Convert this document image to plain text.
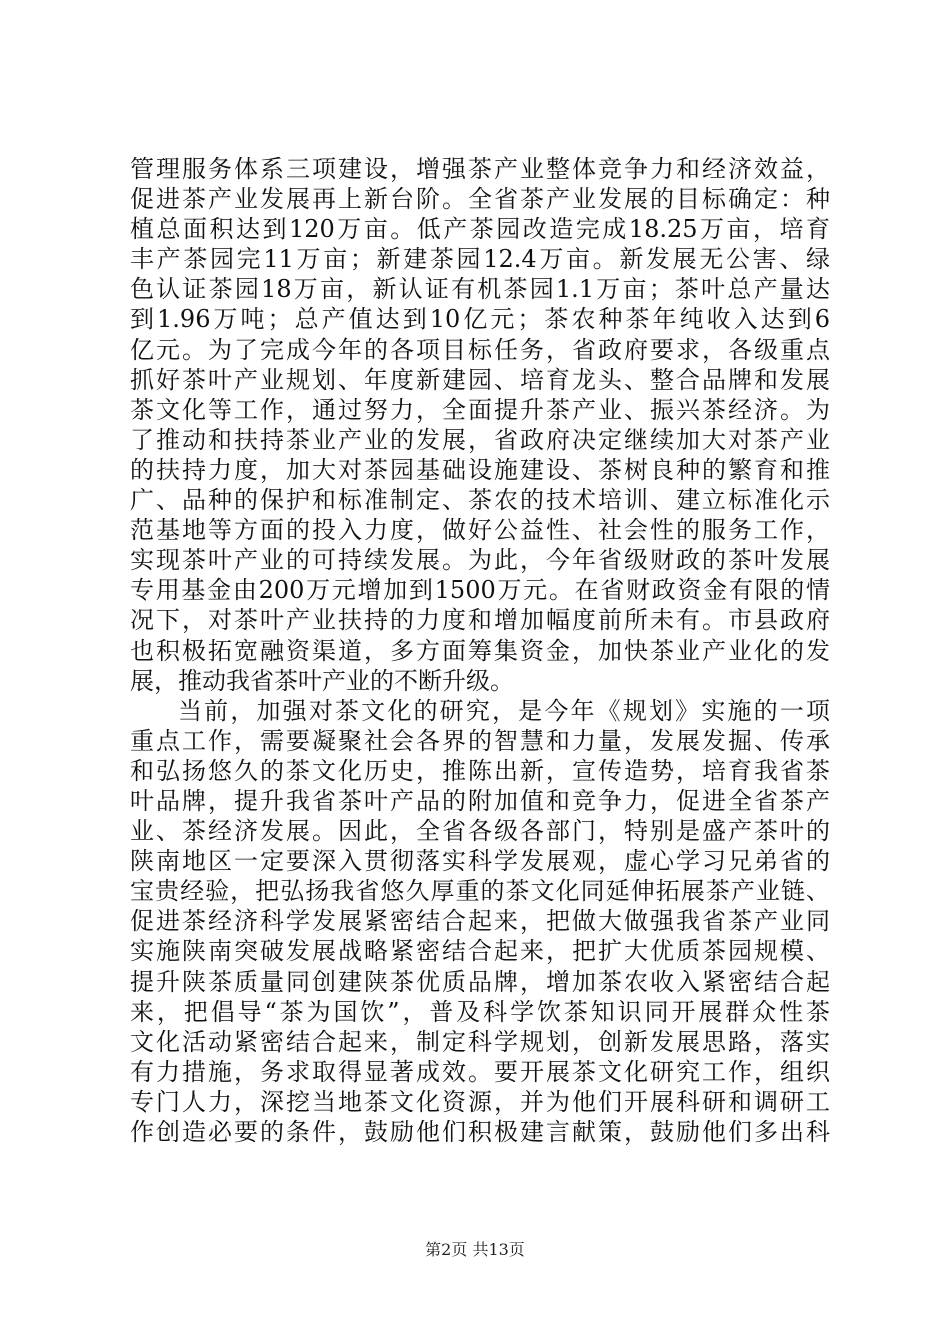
管理服务体系三项建设，增强茶产业整体竞争力和经济效益，
促进茶产业发展再上新台阶。全省茶产业发展的目标确定：种
植总面积达到120万亩。低产茶园改造完成18.25万亩，培育
丰产茶园完11万亩；新建茶园12.4万亩。新发展无公害、绿
色认证茶园18万亩，新认证有机茶园1.1万亩；茶叶总产量达
到1.96万吨；总产值达到10亿元；茶农种茶年纯收入达到6
亿元。为了完成今年的各项目标任务，省政府要求，各级重点
抓好茶叶产业规划、年度新建园、培育龙头、整合品牌和发展
茶文化等工作，通过努力，全面提升茶产业、振兴茶经济。为
了推动和扶持茶业产业的发展，省政府决定继续加大对茶产业
的扶持力度，加大对茶园基础设施建设、茶树良种的繁育和推
广、品种的保护和标准制定、茶农的技术培训、建立标准化示
范基地等方面的投入力度，做好公益性、社会性的服务工作，
实现茶叶产业的可持续发展。为此，今年省级财政的茶叶发展
专用基金由200万元增加到1500万元。在省财政资金有限的情
况下，对茶叶产业扶持的力度和增加幅度前所未有。市县政府
也积极拓宽融资渠道，多方面筹集资金，加快茶业产业化的发
展，推动我省茶叶产业的不断升级。
当前，加强对茶文化的研究，是今年《规划》实施的一项
重点工作，需要凝聚社会各界的智慧和力量，发展发掘、传承
和弘扬悠久的茶文化历史，推陈出新，宣传造势，培育我省茶
叶品牌，提升我省茶叶产品的附加值和竞争力，促进全省茶产
业、茶经济发展。因此，全省各级各部门，特别是盛产茶叶的
陕南地区一定要深入贯彻落实科学发展观，虚心学习兄弟省的
宝贵经验，把弘扬我省悠久厚重的茶文化同延伸拓展茶产业链、
促进茶经济科学发展紧密结合起来，把做大做强我省茶产业同
实施陕南突破发展战略紧密结合起来，把扩大优质茶园规模、
提升陕茶质量同创建陕茶优质品牌，增加茶农收入紧密结合起
来，把倡导“茶为国饮”，普及科学饮茶知识同开展群众性茶
文化活动紧密结合起来，制定科学规划，创新发展思路，落实
有力措施，务求取得显著成效。要开展茶文化研究工作，组织
专门人力，深挖当地茶文化资源，并为他们开展科研和调研工
作创造必要的条件，鼓励他们积极建言献策，鼓励他们多出科
第2页 共13页
